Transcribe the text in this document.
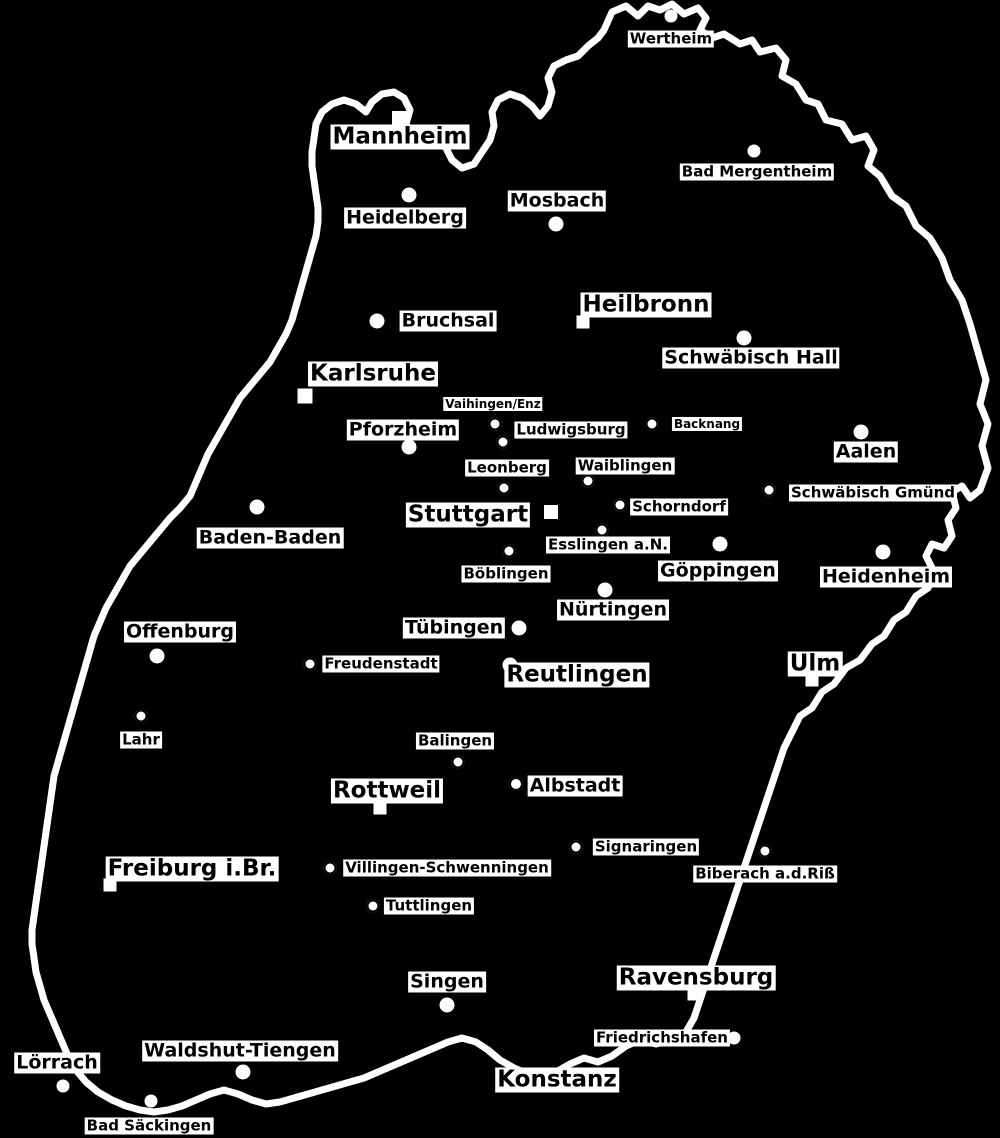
Wertheim
Mannheim
Bad Mergentheim
Mosbach
Heidelberg
Bruchsal
Heilbronn
Schwäbisch Hall
Karlsruhe
Vaihingen/Enz
Backnang
Ludwigsburg
Pforzheim
Aalen
Waiblingen
Leonberg
Schwäbisch Gmünd
Schorndorf
Stuttgart
Esslingen a.N.
Baden-Baden
Göppingen
Böblingen	Heidenheim
Nürtingen
Tübingen
Offenburg
Ulm
Freudenstadt	Reutlingen
Lahr	Balingen
Albstadt
Rottweil
Signaringen
Villingen-Schwenningen	Biberach a.d.Riß
Freiburg i.Br.
Tuttlingen
Ravensburg
Singen
Friedrichshafen
Waldshut-Tiengen
Lörrach
Konstanz
Bad Säckingen
